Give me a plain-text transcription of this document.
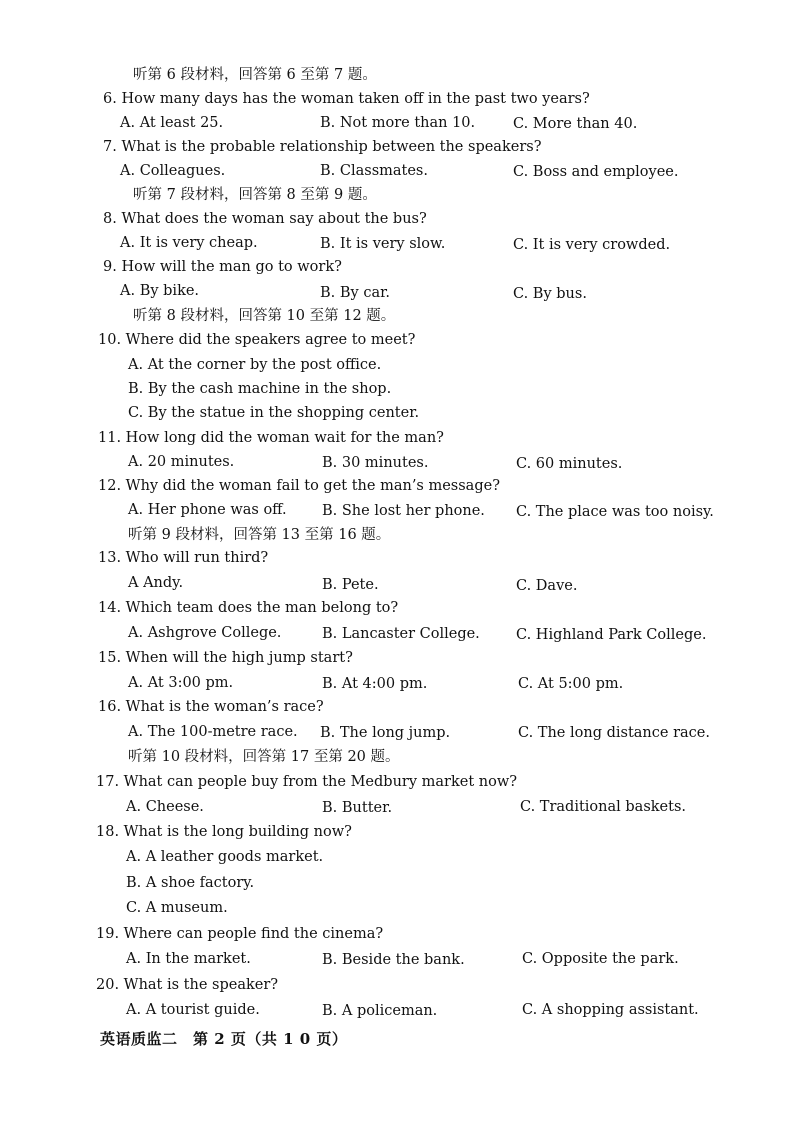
听第 6 段材料，回答第 6 至第 7 题。
6. How many days has the woman taken off in the past two years?
A. At least 25.	B. Not more than 10.	C. More than 40.
7. What is the probable relationship between the speakers?
A. Colleagues.	B. Classmates.	C. Boss and employee.
听第 7 段材料，回答第 8 至第 9 题。
8. What does the woman say about the bus?
A. It is very cheap.	B. It is very slow.	C. It is very crowded.
9. How will the man go to work?
A. By bike.	B. By car.	C. By bus.
听第 8 段材料，回答第 10 至第 12 题。
10. Where did the speakers agree to meet?
A. At the corner by the post office.
B. By the cash machine in the shop.
C. By the statue in the shopping center.
11. How long did the woman wait for the man?
A. 20 minutes.	B. 30 minutes.	C. 60 minutes.
12. Why did the woman fail to get the man’s message?
A. Her phone was off. B. She lost her phone. C. The place was too noisy.
听第 9 段材料，回答第 13 至第 16 题。
13. Who will run third?
A Andy.	B. Pete.	C. Dave.
14. Which team does the man belong to?
A. Ashgrove College.	B. Lancaster College. C. Highland Park College.
15. When will the high jump start?
A. At 3:00 pm.	B. At 4:00 pm.	C. At 5:00 pm.
16. What is the woman’s race?
A. The 100-metre race. B. The long jump.	C. The long distance race.
听第 10 段材料，回答第 17 至第 20 题。
17. What can people buy from the Medbury market now?
A. Cheese.	B. Butter.	C. Traditional baskets.
18. What is the long building now?
A. A leather goods market.
B. A shoe factory.
C. A museum.
19. Where can people find the cinema?
A. In the market.	B. Beside the bank.	C. Opposite the park.
20. What is the speaker?
A. A tourist guide.	B. A policeman.	C. A shopping assistant.
英语质监二　第 2 页（共 1 0 页）
